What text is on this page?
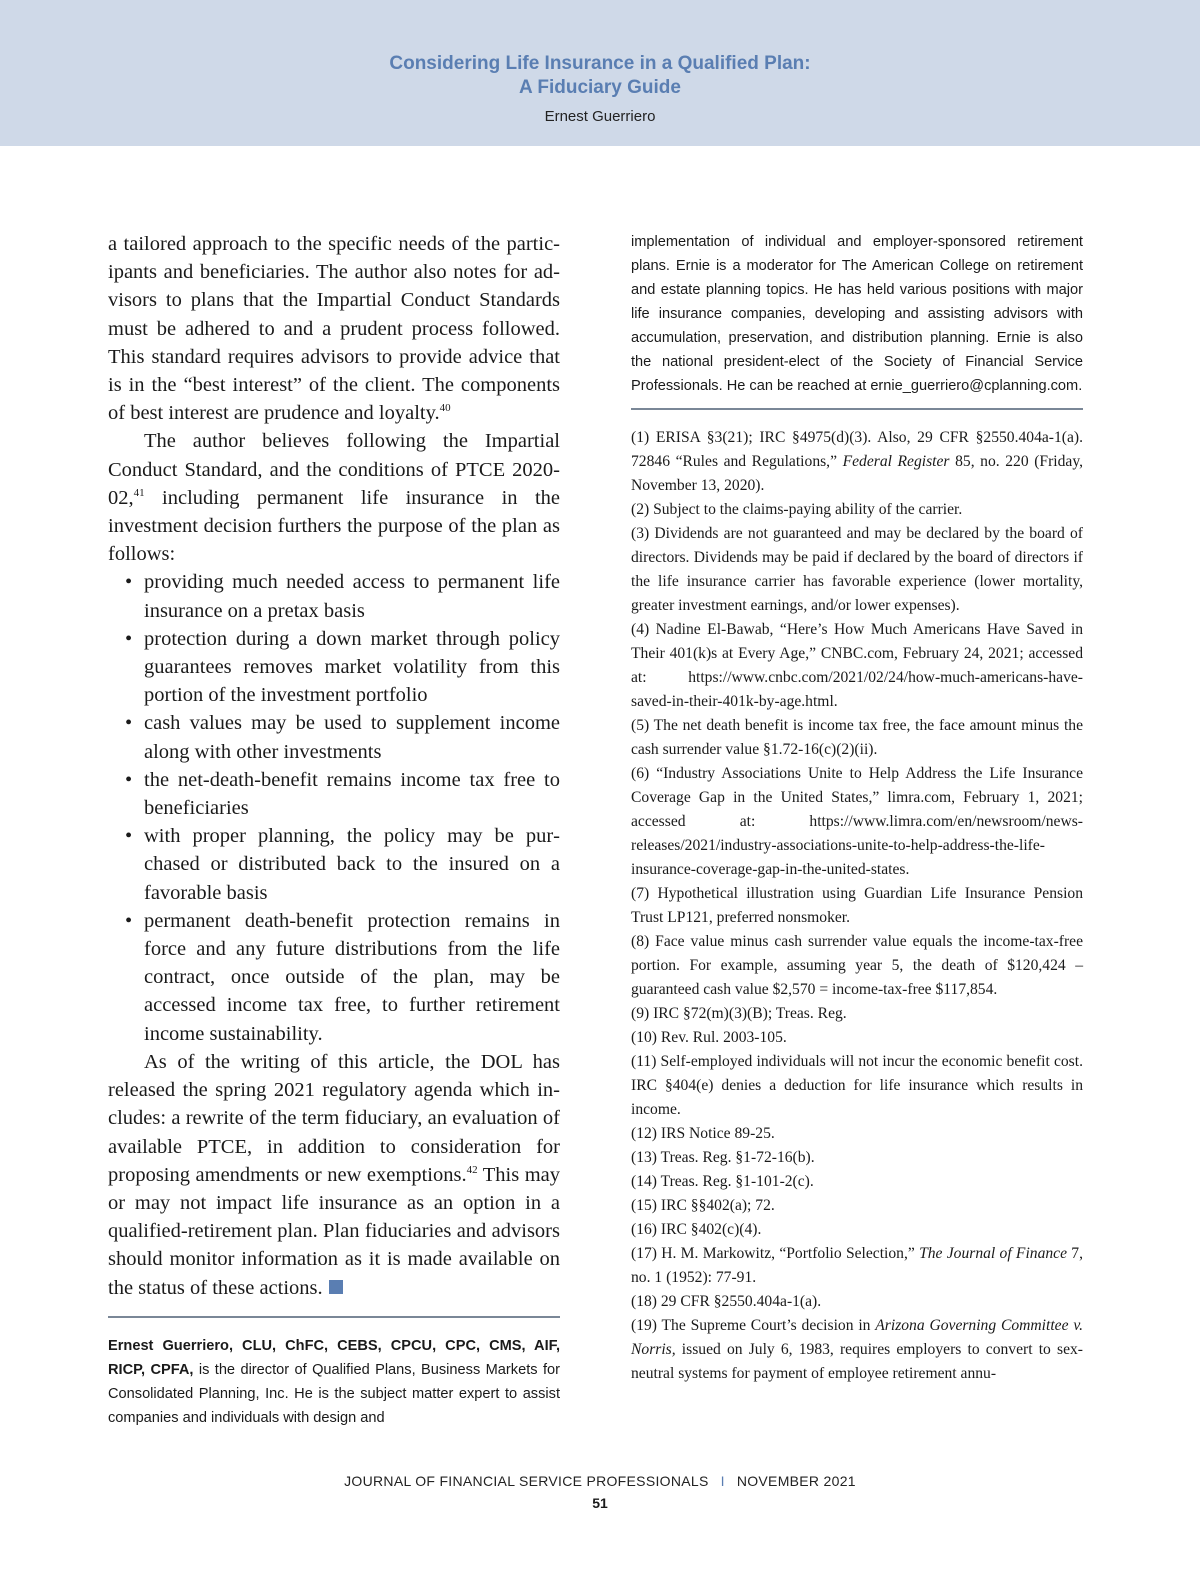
Considering Life Insurance in a Qualified Plan:
A Fiduciary Guide
Ernest Guerriero

a tailored approach to the specific needs of the participants and beneficiaries. The author also notes for advisors to plans that the Impartial Conduct Standards must be adhered to and a prudent process followed. This standard requires advisors to provide advice that is in the “best interest” of the client. The components of best interest are prudence and loyalty.$^{40}$

The author believes following the Impartial Conduct Standard, and the conditions of PTCE 2020-02,41 including permanent life insurance in the investment decision furthers the purpose of the plan as follows:

• providing much needed access to permanent life insurance on a pretax basis
• protection during a down market through policy guarantees removes market volatility from this portion of the investment portfolio
• cash values may be used to supplement income along with other investments
• the net-death-benefit remains income tax free to beneficiaries
• with proper planning, the policy may be purchased or distributed back to the insured on a favorable basis
• permanent death-benefit protection remains in force and any future distributions from the life contract, once outside of the plan, may be accessed income tax free, to further retirement income sustainability.

As of the writing of this article, the DOL has released the spring 2021 regulatory agenda which includes: a rewrite of the term fiduciary, an evaluation of available PTCE, in addition to consideration for proposing amendments or new exemptions.$^{42}$ This may or may not impact life insurance as an option in a qualified-retirement plan. Plan fiduciaries and advisors should monitor information as it is made available on the status of these actions.

Ernest Guerriero, CLU, ChFC, CEBS, CPCU, CPC, CMS, AIF, RICP, CPFA, is the director of Qualified Plans, Business Markets for Consolidated Planning, Inc. He is the subject matter expert to assist companies and individuals with design and

implementation of individual and employer-sponsored retirement plans. Ernie is a moderator for The American College on retirement and estate planning topics. He has held various positions with major life insurance companies, developing and assisting advisors with accumulation, preservation, and distribution planning. Ernie is also the national president-elect of the Society of Financial Service Professionals. He can be reached at ernie_guerriero@cplanning.com.

(1) ERISA §3(21); IRC §4975(d)(3). Also, 29 CFR §2550.404a-1(a). 72846 “Rules and Regulations,” Federal Register 85, no. 220 (Friday, November 13, 2020).

(2) Subject to the claims-paying ability of the carrier.

(3) Dividends are not guaranteed and may be declared by the board of directors. Dividends may be paid if declared by the board of directors if the life insurance carrier has favorable experience (lower mortality, greater investment earnings, and/or lower expenses).

(4) Nadine El-Bawab, “Here’s How Much Americans Have Saved in Their 401(k)s at Every Age,” CNBC.com, February 24, 2021; accessed at: https://www.cnbc.com/2021/02/24/how-much-americans-have-saved-in-their-401k-by-age.html.

(5) The net death benefit is income tax free, the face amount minus the cash surrender value §1.72-16(c)(2)(ii).

(6) “Industry Associations Unite to Help Address the Life Insurance Coverage Gap in the United States,” limra.com, February 1, 2021; accessed at: https://www.limra.com/en/newsroom/news-releases/2021/industry-associations-unite-to-help-address-the-life-insurance-coverage-gap-in-the-united-states.

(7) Hypothetical illustration using Guardian Life Insurance Pension Trust LP121, preferred nonsmoker.

(8) Face value minus cash surrender value equals the income-tax-free portion. For example, assuming year 5, the death of $120,424 – guaranteed cash value $2,570 = income-tax-free $117,854.

(9) IRC §72(m)(3)(B); Treas. Reg.

(10) Rev. Rul. 2003-105.

(11) Self-employed individuals will not incur the economic benefit cost. IRC §404(e) denies a deduction for life insurance which results in income.

(12) IRS Notice 89-25.

(13) Treas. Reg. §1-72-16(b).

(14) Treas. Reg. §1-101-2(c).

(15) IRC §§402(a); 72.

(16) IRC §402(c)(4).

(17) H. M. Markowitz, “Portfolio Selection,” The Journal of Finance 7, no. 1 (1952): 77-91.

(18) 29 CFR §2550.404a-1(a).

(19) The Supreme Court’s decision in Arizona Governing Committee v. Norris, issued on July 6, 1983, requires employers to convert to sex-neutral systems for payment of employee retirement annu-

JOURNAL OF FINANCIAL SERVICE PROFESSIONALS I NOVEMBER 2021
51
